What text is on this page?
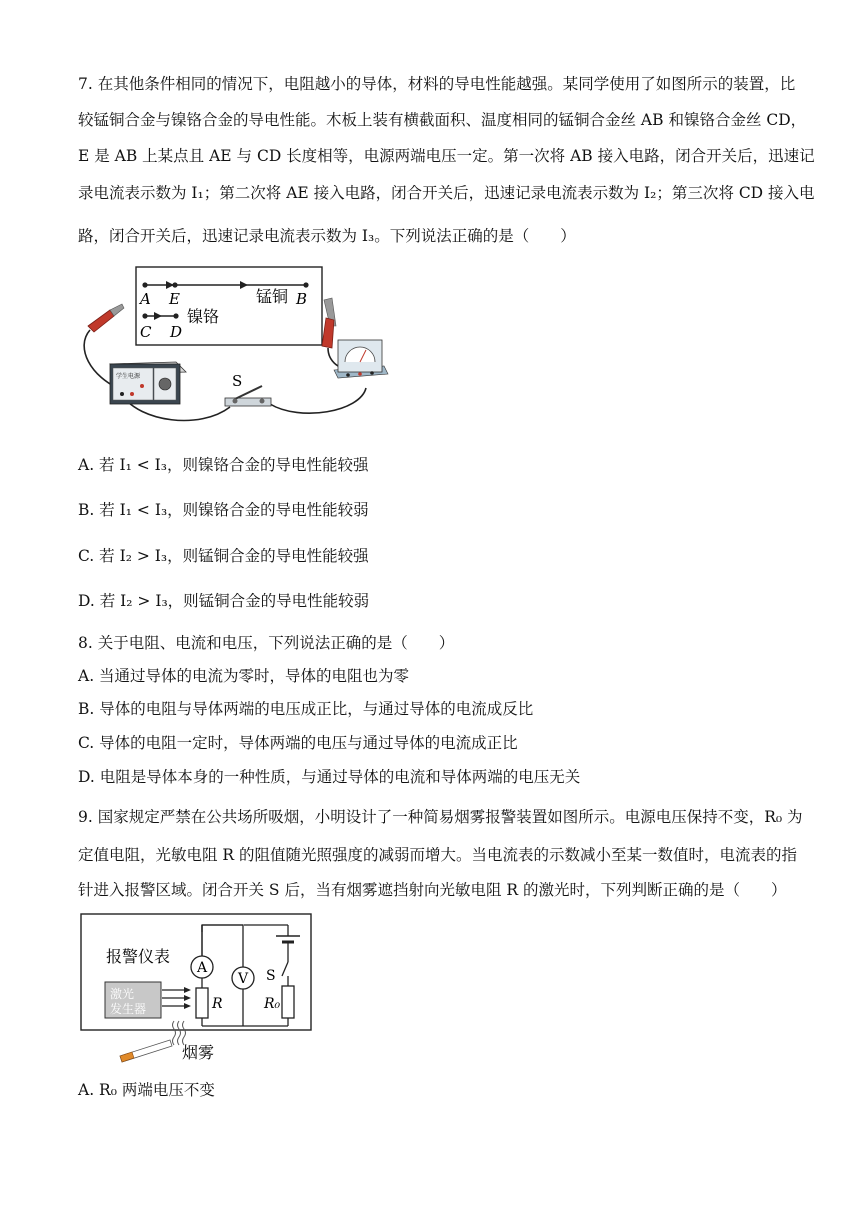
7. 在其他条件相同的情况下，电阻越小的导体，材料的导电性能越强。某同学使用了如图所示的装置，比
较锰铜合金与镍铬合金的导电性能。木板上装有横截面积、温度相同的锰铜合金丝 AB 和镍铬合金丝 CD，
E 是 AB 上某点且 AE 与 CD 长度相等，电源两端电压一定。第一次将 AB 接入电路，闭合开关后，迅速记
录电流表示数为 I₁；第二次将 AE 接入电路，闭合开关后，迅速记录电流表示数为 I₂；第三次将 CD 接入电
路，闭合开关后，迅速记录电流表示数为 I₃。下列说法正确的是（　　）
A E	锰铜 B
镍铬
C D
学生电源	S
A. 若 I₁ < I₃，则镍铬合金的导电性能较强
B. 若 I₁ < I₃，则镍铬合金的导电性能较弱
C. 若 I₂ > I₃，则锰铜合金的导电性能较强
D. 若 I₂ > I₃，则锰铜合金的导电性能较弱
8. 关于电阻、电流和电压，下列说法正确的是（　　）
A. 当通过导体的电流为零时，导体的电阻也为零
B. 导体的电阻与导体两端的电压成正比，与通过导体的电流成反比
C. 导体的电阻一定时，导体两端的电压与通过导体的电流成正比
D. 电阻是导体本身的一种性质，与通过导体的电流和导体两端的电压无关
9. 国家规定严禁在公共场所吸烟，小明设计了一种简易烟雾报警装置如图所示。电源电压保持不变，R₀ 为
定值电阻，光敏电阻 R 的阻值随光照强度的减弱而增大。当电流表的示数减小至某一数值时，电流表的指
针进入报警区域。闭合开关 S 后，当有烟雾遮挡射向光敏电阻 R 的激光时，下列判断正确的是（　　）
A
R
V
报警仪表
S
R₀
激光
发生器
烟雾
A. R₀ 两端电压不变
